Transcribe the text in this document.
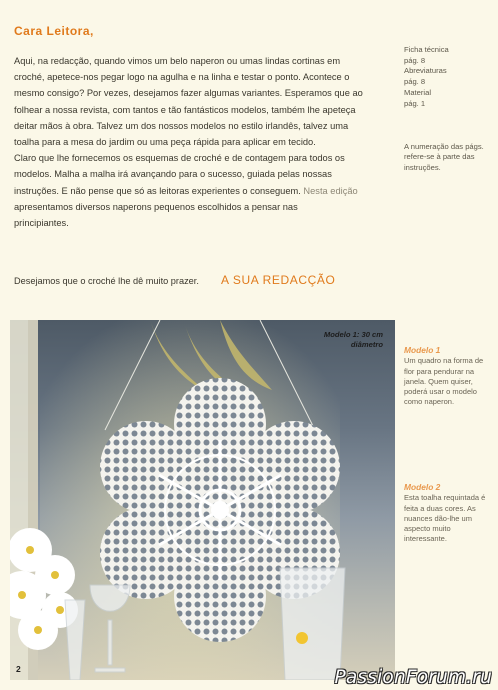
Cara Leitora,

Aqui, na redacção, quando vimos um belo naperon ou umas lindas cortinas em

croché, apetece-nos pegar logo na agulha e na linha e testar o ponto. Acontece o

mesmo consigo? Por vezes, desejamos fazer algumas variantes. Esperamos que ao

folhear a nossa revista, com tantos e tão fantásticos modelos, também lhe apeteça

deitar mãos à obra. Talvez um dos nossos modelos no estilo irlandês, talvez uma

toalha para a mesa do jardim ou uma peça rápida para aplicar em tecido.

Claro que lhe fornecemos os esquemas de croché e de contagem para todos os

modelos. Malha a malha irá avançando para o sucesso, guiada pelas nossas

instruções. E não pense que só as leitoras experientes o conseguem. Nesta edição

apresentamos diversos naperons pequenos escolhidos a pensar nas

principiantes.

Ficha técnica
pág. 8
Abreviaturas
pág. 8
Material
pág. 1
A numeração das págs. refere-se à parte das instruções.
Desejamos que o croché lhe dê muito prazer. A SUA REDACÇÃO
Modelo 1: 30 cm diâmetro
2
Modelo 1
Um quadro na forma de flor para pendurar na janela. Quem quiser, poderá usar o modelo como naperon.
Modelo 2
Esta toalha requintada é feita a duas cores. As nuances dão-lhe um aspecto muito interessante.
PassionForum.ru
